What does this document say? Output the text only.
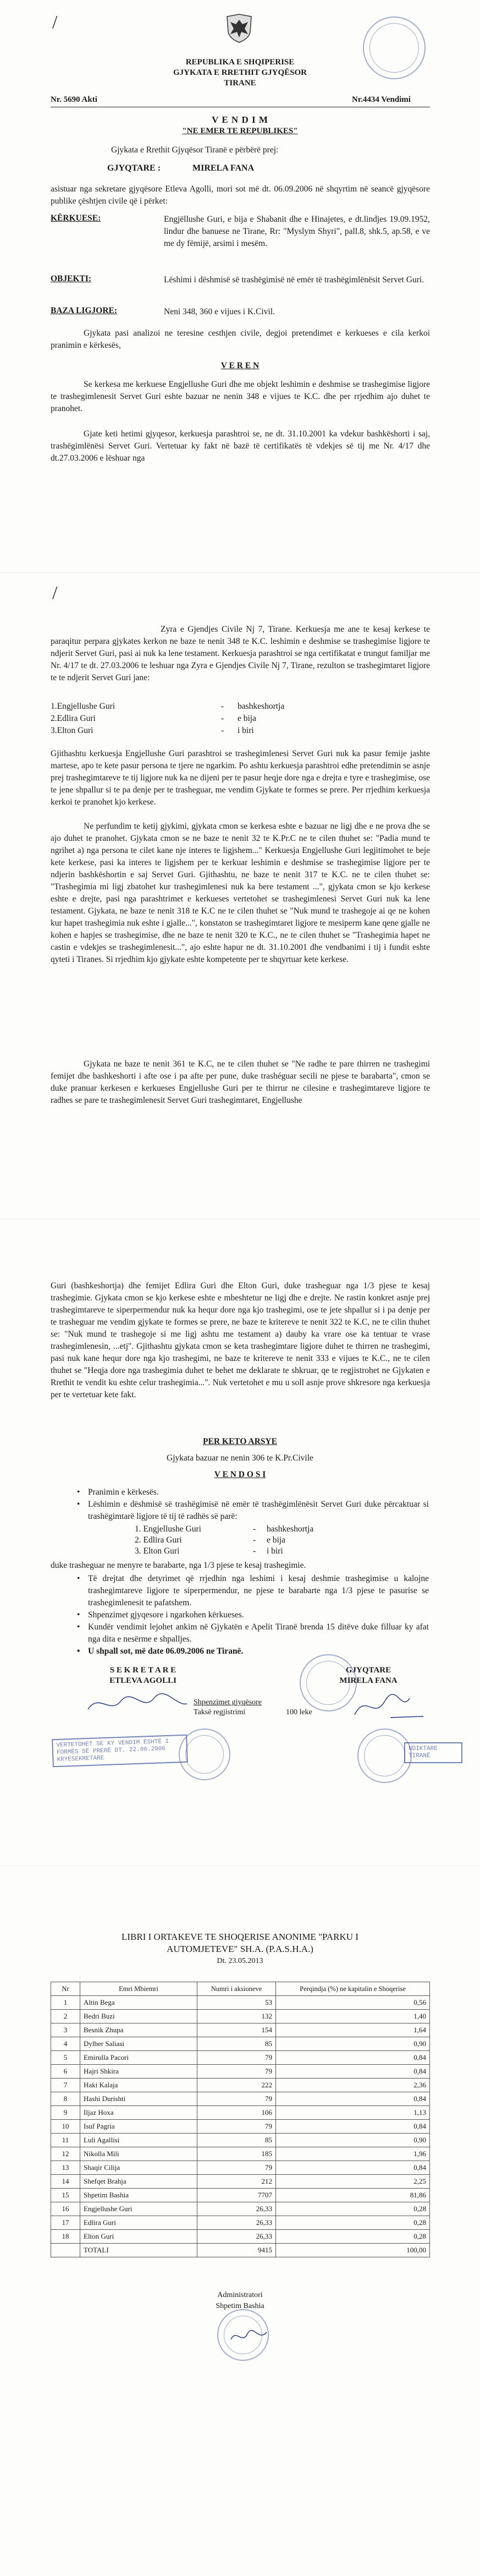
/
REPUBLIKA E SHQIPERISE
GJYKATA E RRETHIT GJYQËSOR
TIRANE
Nr. 5690 Akti	Nr.4434 Vendimi
V E N D I M
"NE EMER TE REPUBLIKES"
Gjykata e Rrethit Gjyqësor Tiranë e përbërë prej:
GJYQTARE :	MIRELA FANA
asistuar nga sekretare gjyqësore Etleva Agolli, mori sot më dt. 06.09.2006 në shqyrtim në seancë gjyqësore publike çështjen civile që i përket:
KËRKUESE:	Engjëllushe Guri, e bija e Shabanit dhe e Hinajetes, e dt.lindjes 19.09.1952, lindur dhe banuese ne Tirane, Rr: "Myslym Shyri", pall.8, shk.5, ap.58, e ve me dy fëmijë, arsimi i mesëm.
OBJEKTI:	Lëshimi i dëshmisë së trashëgimisë në emër të trashëgimlënësit Servet Guri.
BAZA LIGJORE:	Neni 348, 360 e vijues i K.Civil.
Gjykata pasi analizoi ne teresine cesthjen civile, degjoi pretendimet e kerkueses e cila kerkoi pranimin e kërkesës,
V E R E N
Se kerkesa me kerkuese Engjellushe Guri dhe me objekt leshimin e deshmise se trashegimise ligjore te trashegimlenesit Servet Guri eshte bazuar ne nenin 348 e vijues te K.C. dhe per rrjedhim ajo duhet te pranohet.
Gjate keti hetimi gjyqesor, kerkuesja parashtroi se, ne dt. 31.10.2001 ka vdekur bashkëshorti i saj, trashëgimlënësi Servet Guri. Vertetuar ky fakt në bazë të certifikatës të vdekjes së tij me Nr. 4/17 dhe dt.27.03.2006 e lëshuar nga
/
Zyra e Gjendjes Civile Nj 7, Tirane. Kerkuesja me ane te kesaj kerkese te paraqitur perpara gjykates kerkon ne baze te nenit 348 te K.C. leshimin e deshmise se trashegimise ligjore te ndjerit Servet Guri, pasi ai nuk ka lene testament. Kerkuesja parashtroi se nga certifikatat e trungut familjar me Nr. 4/17 te dt. 27.03.2006 te leshuar nga Zyra e Gjendjes Civile Nj 7, Tirane, rezulton se trashegimtaret ligjore te te ndjerit Servet Guri jane:
1.Engjellushe Guri	-	bashkeshortja
2.Edlira Guri	-	e bija
3.Elton Guri	-	i biri
Gjithashtu kerkuesja Engjellushe Guri parashtroi se trashegimlenesi Servet Guri nuk ka pasur femije jashte martese, apo te kete pasur persona te tjere ne ngarkim. Po ashtu kerkuesja parashtroi edhe pretendimin se asnje prej trashegimtareve te tij ligjore nuk ka ne dijeni per te pasur heqje dore nga e drejta e tyre e trashegimise, ose te jene shpallur si te pa denje per te trasheguar, me vendim Gjykate te formes se prere. Per rrjedhim kerkuesja kerkoi te pranohet kjo kerkese.
Ne perfundim te ketij gjykimi, gjykata cmon se kerkesa eshte e bazuar ne ligj dhe e ne prova dhe se ajo duhet te pranohet. Gjykata cmon se ne baze te nenit 32 te K.Pr.C ne te cilen thuhet se: "Padia mund te ngrihet a) nga persona te cilet kane nje interes te ligjshem..." Kerkuesja Engjellushe Guri legjitimohet te beje kete kerkese, pasi ka interes te ligjshem per te kerkuar leshimin e deshmise se trashegimise ligjore per te ndjerin bashkëshortin e saj Servet Guri. Gjithashtu, ne baze te nenit 317 te K.C. ne te cilen thuhet se: "Trashegimia mi ligj zbatohet kur trashegimlenesi nuk ka bere testament ...", gjykata cmon se kjo kerkese eshte e drejte, pasi nga parashtrimet e kerkueses vertetohet se trashegimlenesi Servet Guri nuk ka lene testament. Gjykata, ne baze te nenit 318 te K.C ne te cilen thuhet se "Nuk mund te trashegoje ai qe ne kohen kur hapet trashegimia nuk eshte i gjalle...", konstaton se trashegimtaret ligjore te mesiperm kane qene gjalle ne kohen e hapjes se trashegimise, dhe ne baze te nenit 320 te K.C., ne te cilen thuhet se "Trashegimia hapet ne castin e vdekjes se trashegimlenesit...", ajo eshte hapur ne dt. 31.10.2001 dhe vendbanimi i tij i fundit eshte qyteti i Tiranes. Si rrjedhim kjo gjykate eshte kompetente per te shqyrtuar kete kerkese.
Gjykata ne baze te nenit 361 te K.C, ne te cilen thuhet se "Ne radhe te pare thirren ne trashegimi femijet dhe bashkeshorti i afte ose i pa afte per pune, duke trashéguar secili ne pjese te barabarta", cmon se duke pranuar kerkesen e kerkueses Engjellushe Guri per te thirrur ne cilesine e trashegimtareve ligjore te radhes se pare te trashegimlenesit Servet Guri trashegimtaret, Engjellushe
Guri (bashkeshortja) dhe femijet Edlira Guri dhe Elton Guri, duke trasheguar nga 1/3 pjese te kesaj trashegimie. Gjykata cmon se kjo kerkese eshte e mbeshtetur ne ligj dhe e drejte. Ne rastin konkret asnje prej trashegimtareve te siperpermendur nuk ka hequr dore nga kjo trashegimi, ose te jete shpallur si i pa denje per te trasheguar me vendim gjykate te formes se prere, ne baze te kritereve te nenit 322 te K.C, ne te cilin thuhet se: "Nuk mund te trashegoje si me ligj ashtu me testament a) dauby ka vrare ose ka tentuar te vrase trashegimlenesin, ...etj". Gjithashtu gjykata cmon se keta trashegimtare ligjore duhet te thirren ne trashegimi, pasi nuk kane hequr dore nga kjo trashegimi, ne baze te kritereve te nenit 333 e vijues te K.C., ne te cilen thuhet se "Heqja dore nga trashegimia duhet te behet me deklarate te shkruar, qe te regjistrohet ne Gjykaten e Rrethit te vendit ku eshte celur trashegimia...". Nuk vertetohet e mu u soll asnje prove shkresore nga kerkuesja per te vertetuar kete fakt.
PER KETO ARSYE
Gjykata bazuar ne nenin 306 te K.Pr.Civile
V E N D O S I
• Pranimin e kërkesës.
• Lëshimin e dëshmisë së trashëgimisë në emër të trashëgimlënësit Servet Guri duke përcaktuar si trashëgimtarë ligjore të tij të radhës së parë:
1. Engjellushe Guri	-	bashkeshortja
2. Edlira Guri	-	e bija
3. Elton Guri	-	i biri
duke trasheguar ne menyre te barabarte, nga 1/3 pjese te kesaj trashegimie.
• Të drejtat dhe detyrimet që rrjedhin nga leshimi i kesaj deshmie trashegimise u kalojne trashegimtareve ligjore te siperpermendur, ne pjese te barabarte nga 1/3 pjese te pasurise se trashegimlenesit te pafatshem.
• Shpenzimet gjyqesore i ngarkohen kërkueses.
• Kundër vendimit lejohet ankim në Gjykatën e Apelit Tiranë brenda 15 ditëve duke filluar ky afat nga dita e nesërme e shpalljes.
• U shpall sot, më date 06.09.2006 ne Tiranë.
S E K R E T A R E
ETLEVA AGOLLI
GJYQTARE
MIRELA FANA
Shpenzimet gjyqësore
Taksë regjistrimi	100 leke
VERTETOHET SE KY VENDIM ËSHTË I FORMËS SË PRERË DT. 22.06.2006 KRYESEKRETARE
NDIKTARE TIRANË
LIBRI I ORTAKEVE TE SHOQERISE ANONIME "PARKU I
AUTOMJETEVE" SH.A. (P.A.S.H.A.)
Dt. 23.05.2013
Nr	Emri Mbiemri	Numri i aksioneve	Perqindja (%) ne kapitalin e Shoqerise
1	Altin Bega	53	0,56
2	Bedri Buzi	132	1,40
3	Besnik Zhupa	154	1,64
4	Dylber Saliasi	85	0,90
5	Emirulla Pacori	79	0,84
6	Hajri Shkira	79	0,84
7	Haki Kalaja	222	2,36
8	Hashi Durishti	79	0,84
9	Iljaz Hoxa	106	1,13
10	Isuf Pagria	79	0,84
11	Luli Agallisi	85	0,90
12	Nikolla Mili	185	1,96
13	Shaqir Cilija	79	0,84
14	Shefqet Brahja	212	2,25
15	Shpetim Bashia	7707	81,86
16	Engjellushe Guri	26,33	0,28
17	Edlira Guri	26,33	0,28
18	Elton Guri	26,33	0,28
	TOTALI	9415	100,00
Administratori
Shpetim Bashia
